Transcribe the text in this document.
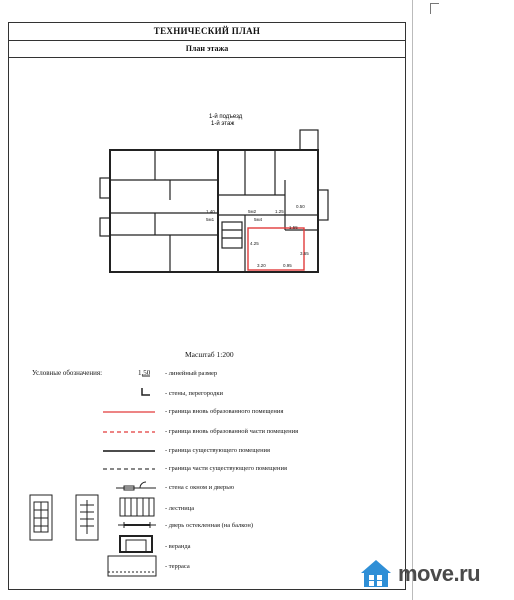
ТЕХНИЧЕСКИЙ ПЛАН
План этажа
1-й подъезд
1-й этаж
1.40	1.25
1.55
3.65
4.25
3.20	0.95
0.50
5м2
5м1	5м4
Масштаб 1:200
Условные обозначения:	1,50 - линейный размер
- стены, перегородки
- граница вновь образованного помещения
- граница вновь образованной части помещения
- граница существующего помещения
- граница части существующего помещения
- стена с окном и дверью
- лестница
- дверь остекленная (на балкон)
- веранда
- терраса	move.ru
